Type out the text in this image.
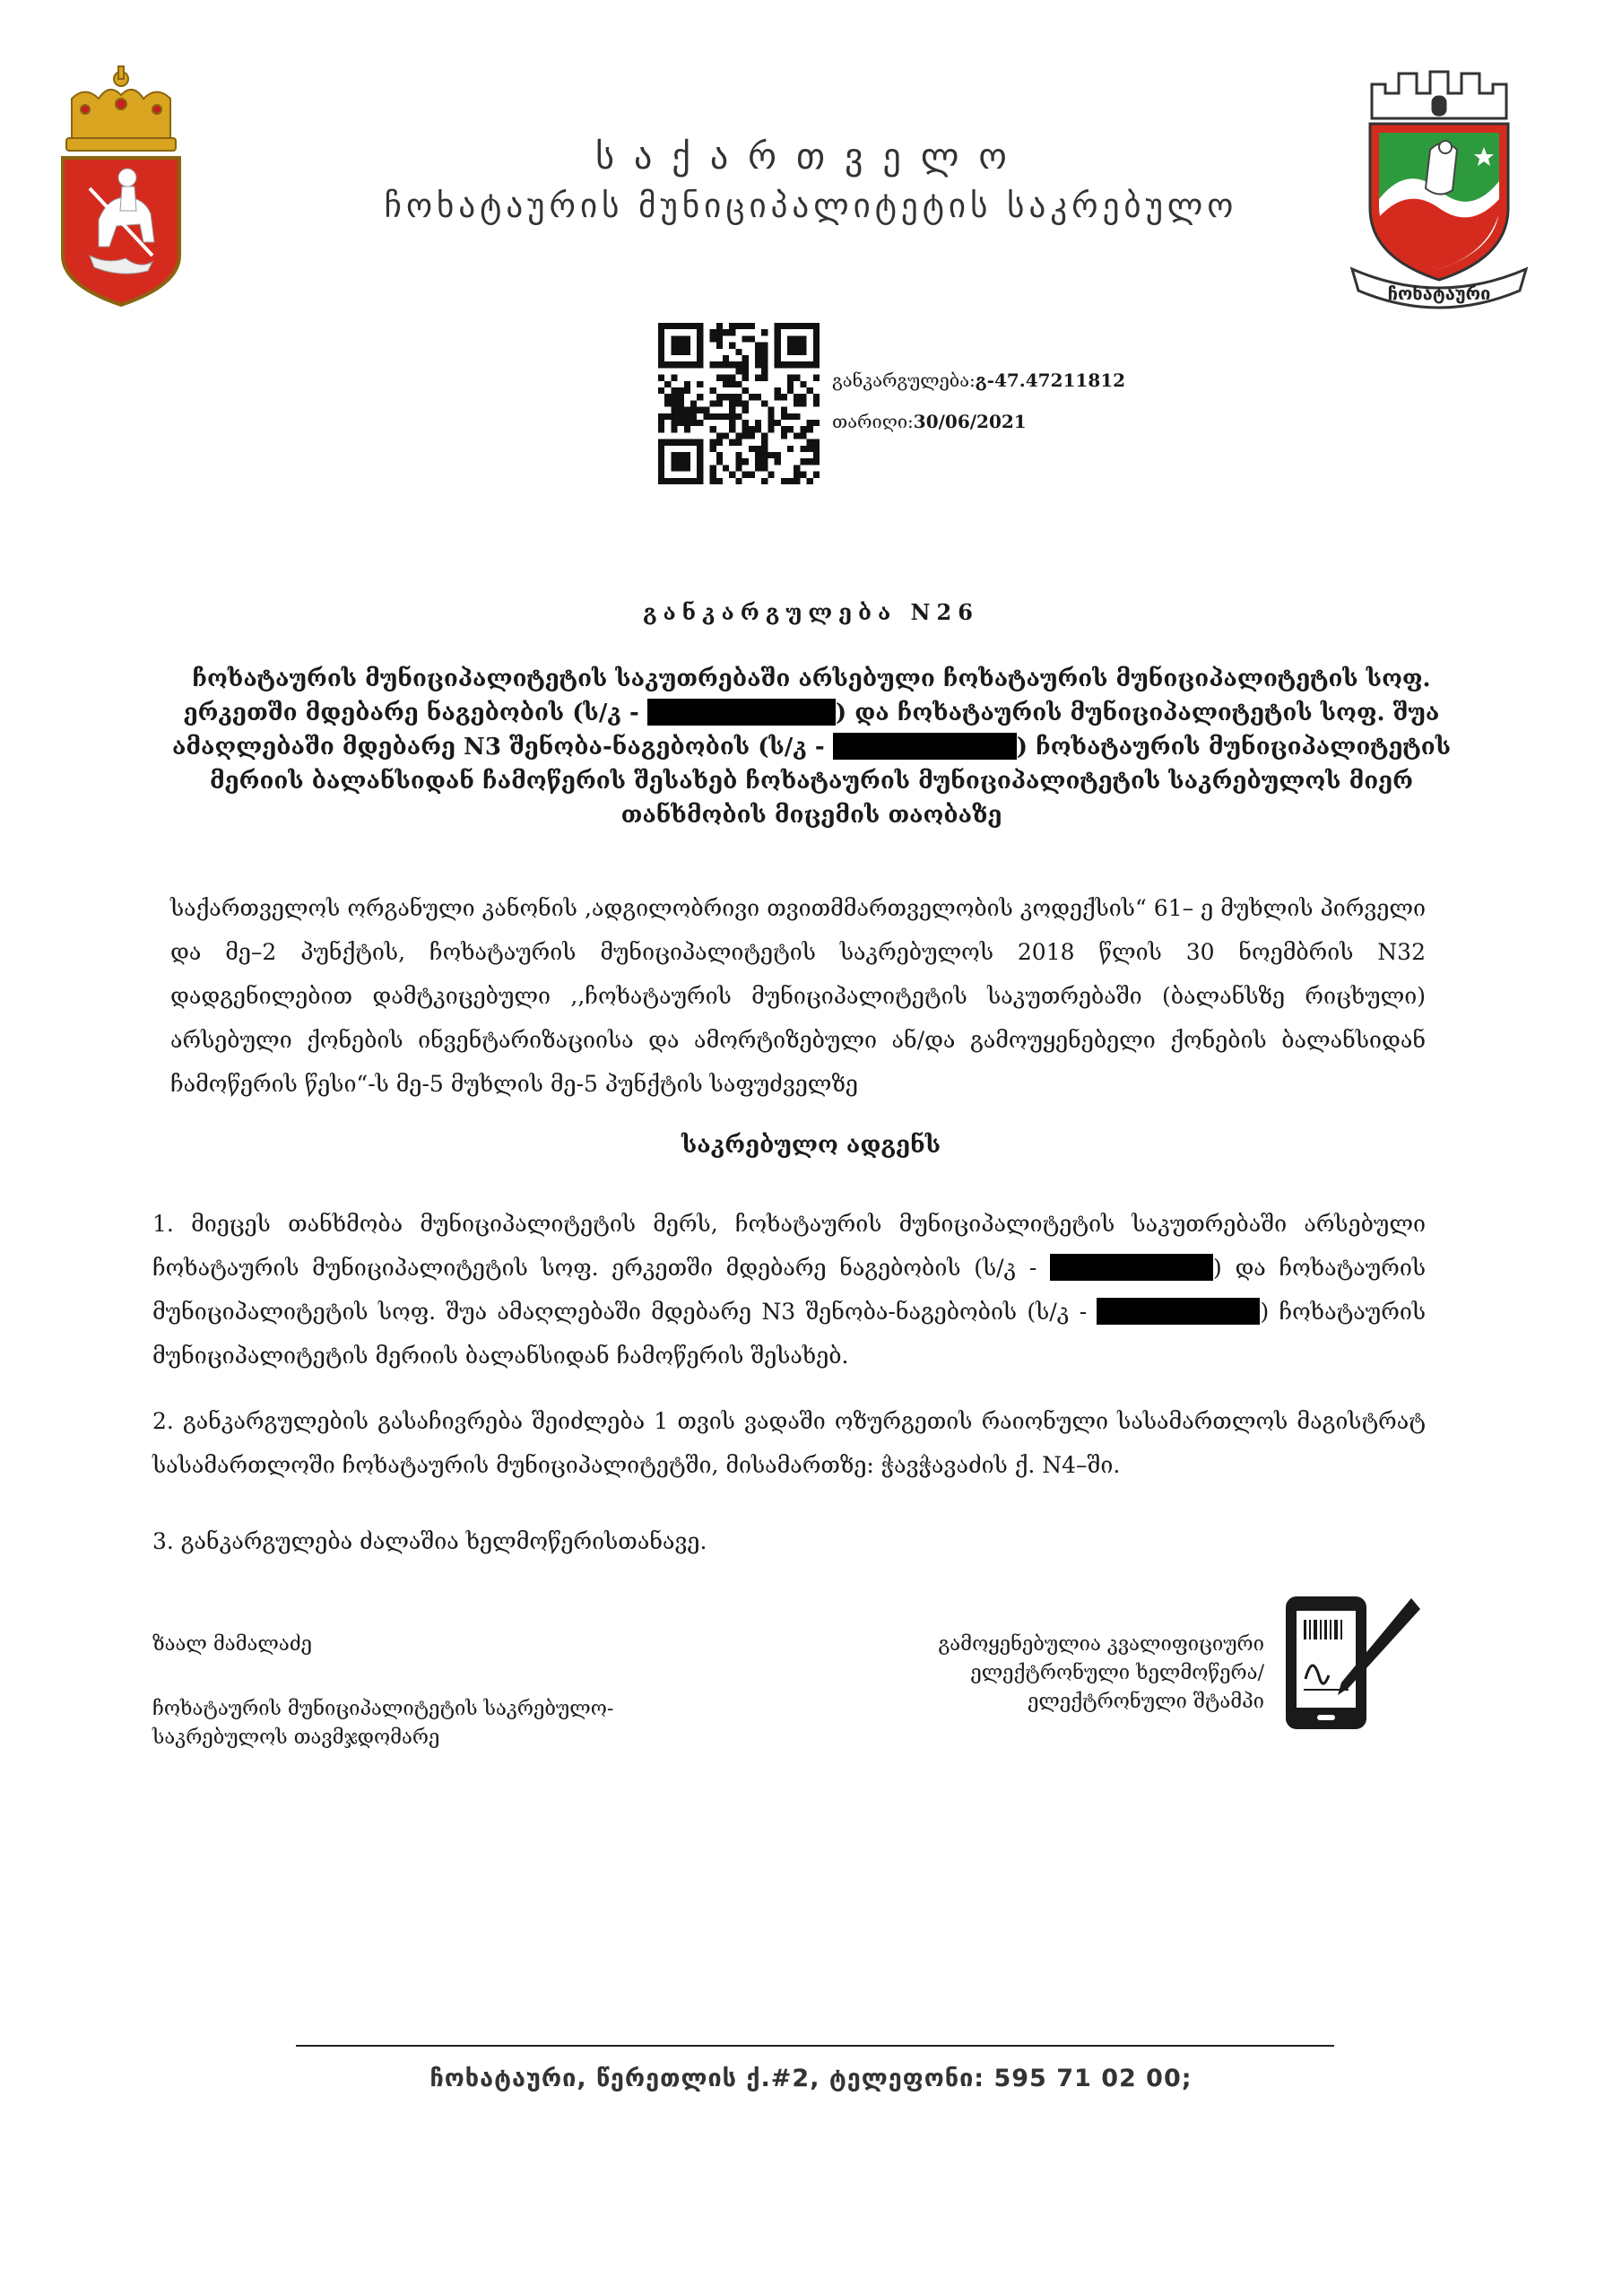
საქართველო
ჩოხატაურის მუნიციპალიტეტის საკრებულო
ჩოხატაური
განკარგულება:გ-47.47211812
თარიღი:30/06/2021
განკარგულება N26
ჩოხატაურის მუნიციპალიტეტის საკუთრებაში არსებული ჩოხატაურის მუნიციპალიტეტის სოფ. ერკეთში მდებარე ნაგებობის (ს/კ -	) და ჩოხატაურის მუნიციპალიტეტის სოფ. შუა ამაღლებაში მდებარე N3 შენობა-ნაგებობის (ს/კ -	) ჩოხატაურის მუნიციპალიტეტის მერიის ბალანსიდან ჩამოწერის შესახებ ჩოხატაურის მუნიციპალიტეტის საკრებულოს მიერ თანხმობის მიცემის თაობაზე
საქართველოს ორგანული კანონის ,ადგილობრივი თვითმმართველობის კოდექსის“ 61– ე მუხლის პირველი და მე–2 პუნქტის, ჩოხატაურის მუნიციპალიტეტის საკრებულოს 2018 წლის 30 ნოემბრის N32 დადგენილებით დამტკიცებული ,,ჩოხატაურის მუნიციპალიტეტის საკუთრებაში (ბალანსზე რიცხული) არსებული ქონების ინვენტარიზაციისა და ამორტიზებული ან/და გამოუყენებელი ქონების ბალანსიდან ჩამოწერის წესი“-ს მე-5 მუხლის მე-5 პუნქტის საფუძველზე
საკრებულო ადგენს
1. მიეცეს თანხმობა მუნიციპალიტეტის მერს, ჩოხატაურის მუნიციპალიტეტის საკუთრებაში არსებული ჩოხატაურის მუნიციპალიტეტის სოფ. ერკეთში მდებარე ნაგებობის (ს/კ -	) და ჩოხატაურის მუნიციპალიტეტის სოფ. შუა ამაღლებაში მდებარე N3 შენობა-ნაგებობის (ს/კ -	) ჩოხატაურის მუნიციპალიტეტის მერიის ბალანსიდან ჩამოწერის შესახებ.
2. განკარგულების გასაჩივრება შეიძლება 1 თვის ვადაში ოზურგეთის რაიონული სასამართლოს მაგისტრატ სასამართლოში ჩოხატაურის მუნიციპალიტეტში, მისამართზე: ჭავჭავაძის ქ. N4–ში.
3. განკარგულება ძალაშია ხელმოწერისთანავე.
ზაალ მამალაძე
ჩოხატაურის მუნიციპალიტეტის საკრებულო-
საკრებულოს თავმჯდომარე
გამოყენებულია კვალიფიციური
ელექტრონული ხელმოწერა/
ელექტრონული შტამპი
ჩოხატაური, წერეთლის ქ.#2, ტელეფონი: 595 71 02 00;
